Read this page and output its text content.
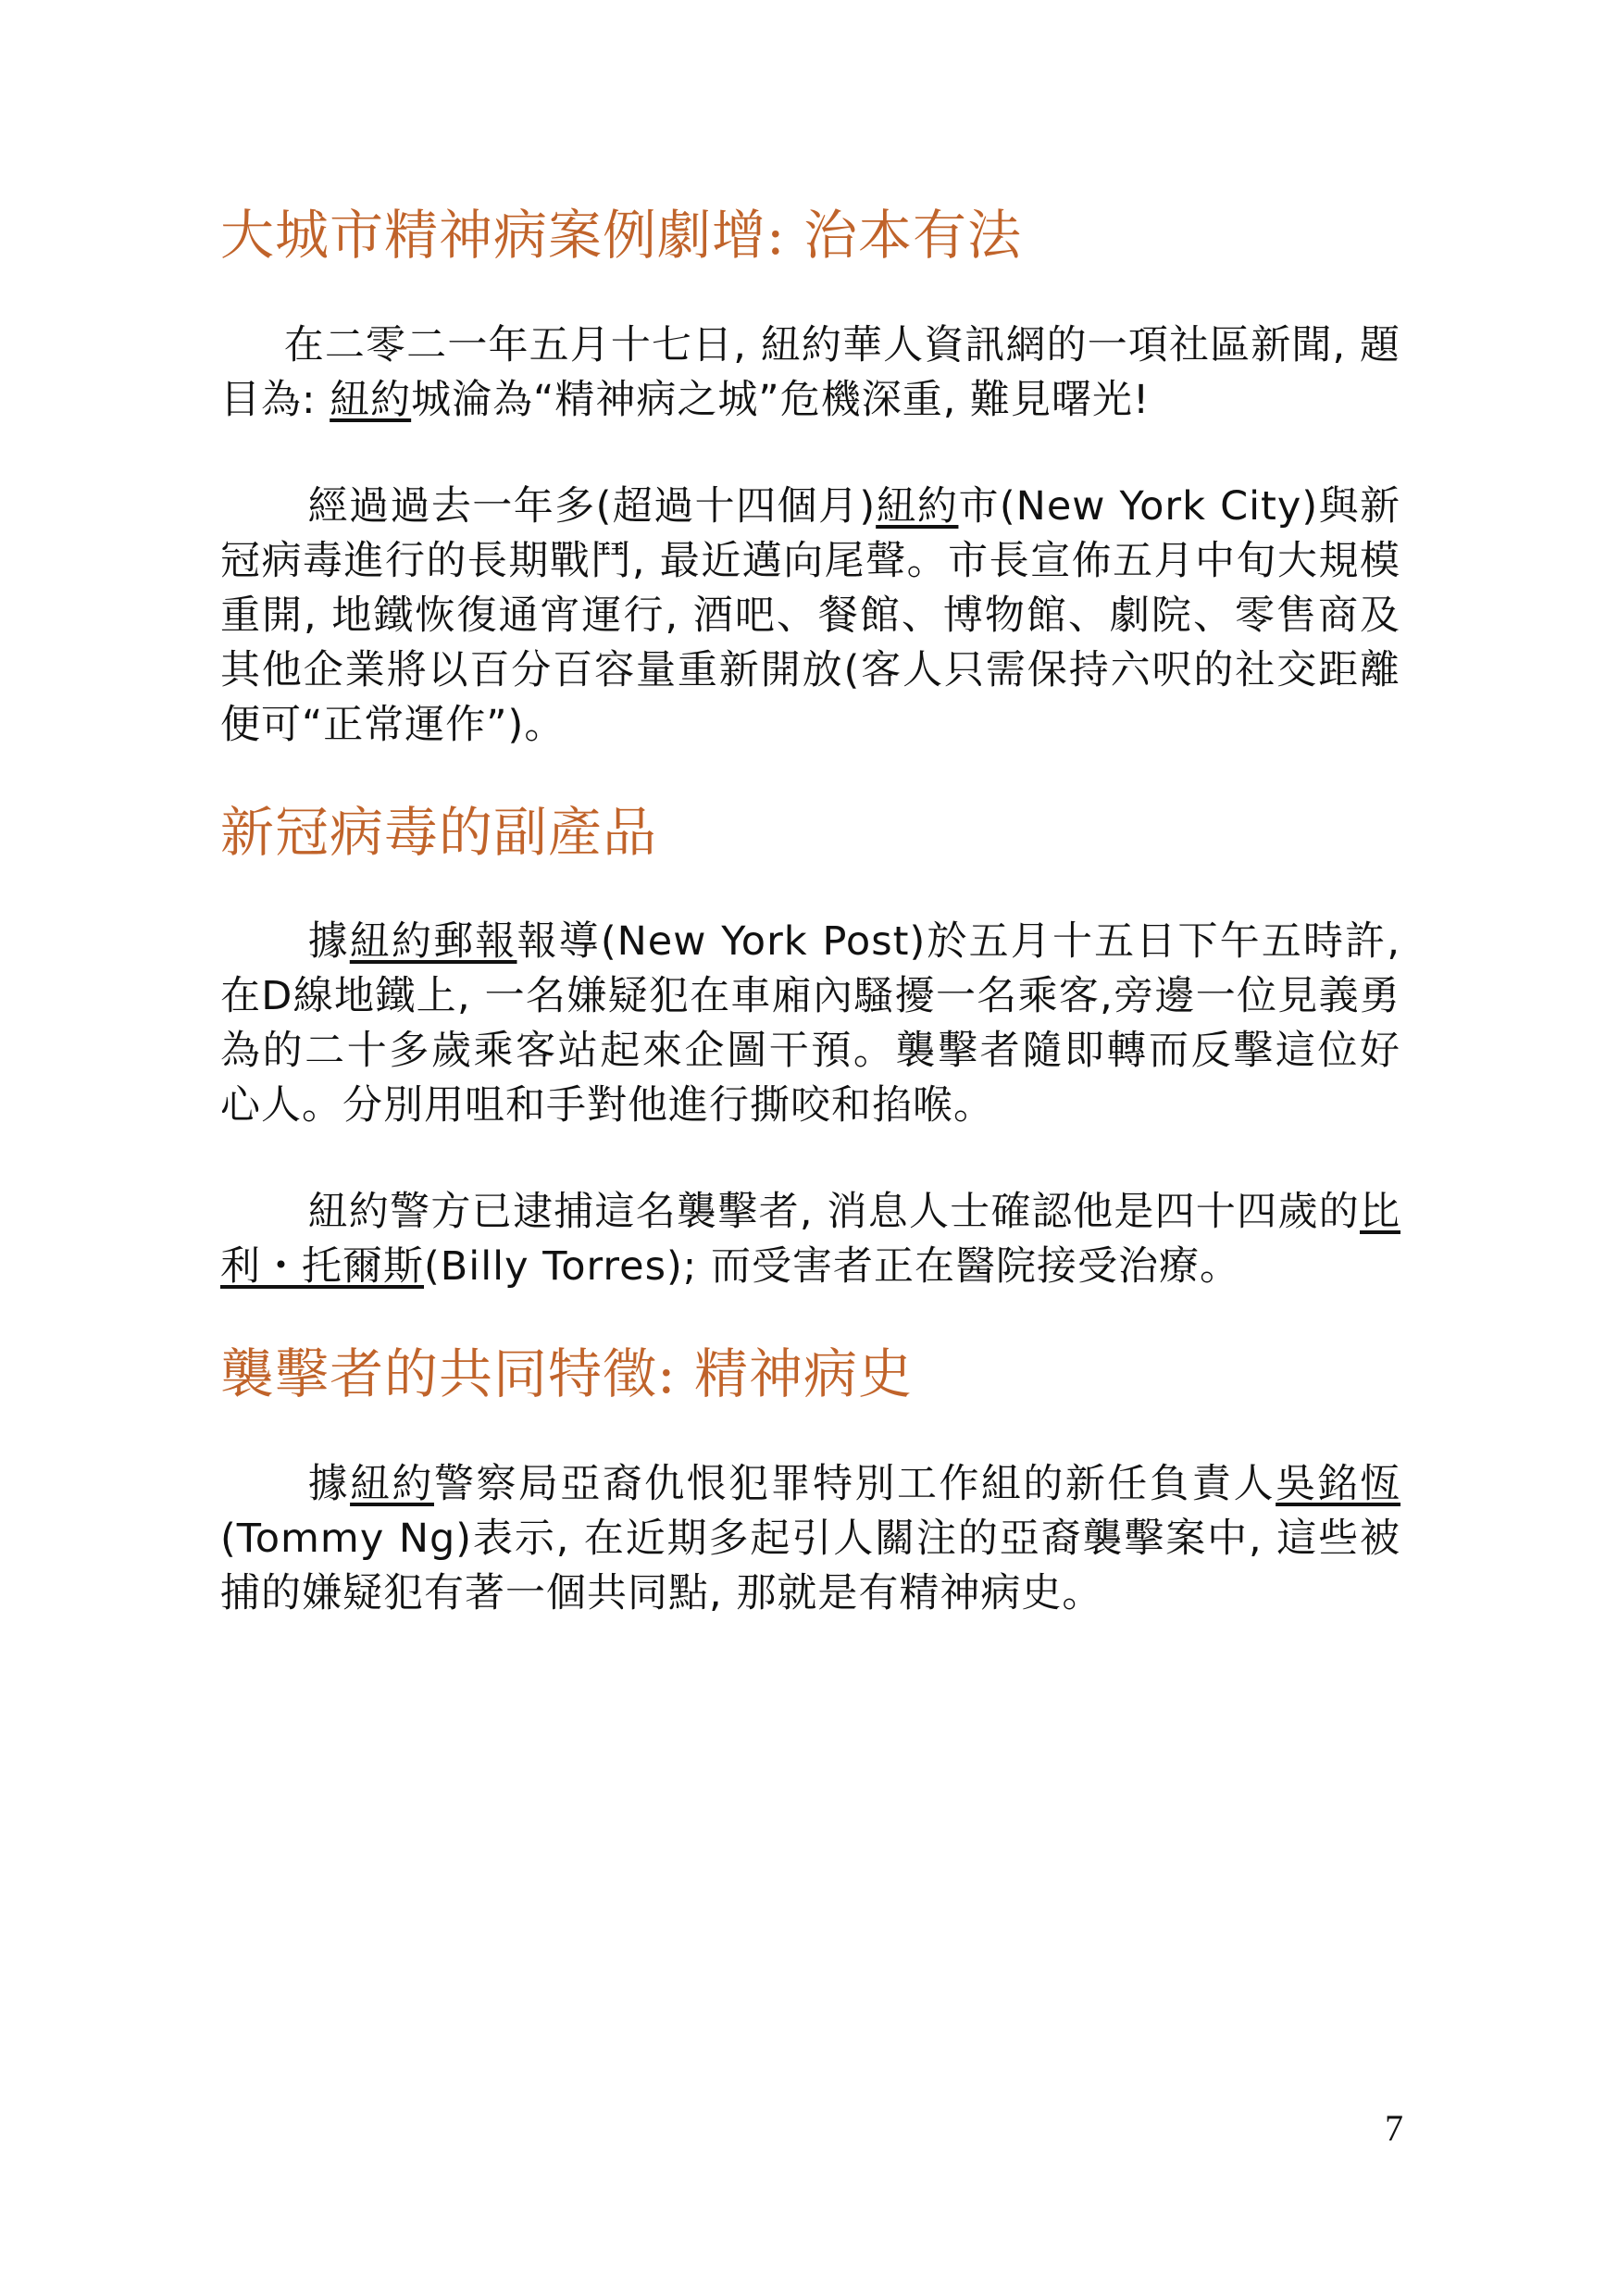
大城市精神病案例劇增: 治本有法

在二零二一年五月十七日, 紐約華人資訊網的一項社區新聞, 題目為: 紐約城淪為“精神病之城”危機深重, 難見曙光!

經過過去一年多(超過十四個月)紐約市(New York City)與新冠病毒進行的長期戰鬥, 最近邁向尾聲。市長宣佈五月中旬大規模重開, 地鐵恢復通宵運行, 酒吧、餐館、博物館、劇院、零售商及其他企業將以百分百容量重新開放(客人只需保持六呎的社交距離便可“正常運作”)。

新冠病毒的副產品

據紐約郵報報導(New York Post)於五月十五日下午五時許, 在D線地鐵上, 一名嫌疑犯在車廂內騷擾一名乘客,旁邊一位見義勇為的二十多歲乘客站起來企圖干預。襲擊者隨即轉而反擊這位好心人。分別用咀和手對他進行撕咬和掐喉。

紐約警方已逮捕這名襲擊者, 消息人士確認他是四十四歲的比利・托爾斯(Billy Torres); 而受害者正在醫院接受治療。

襲擊者的共同特徵: 精神病史

據紐約警察局亞裔仇恨犯罪特別工作組的新任負責人吳銘恆(Tommy Ng)表示, 在近期多起引人關注的亞裔襲擊案中, 這些被捕的嫌疑犯有著一個共同點, 那就是有精神病史。

7
